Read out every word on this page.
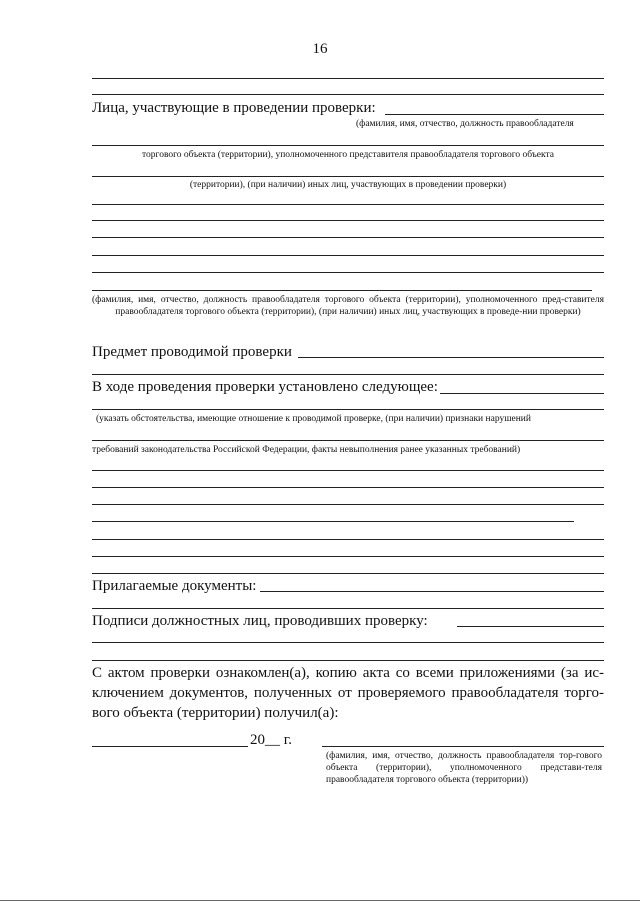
16
Лица, участвующие в проведении проверки:
(фамилия, имя, отчество, должность правообладателя
торгового объекта (территории), уполномоченного представителя правообладателя торгового объекта
(территории), (при наличии) иных лиц, участвующих в проведении проверки)
(фамилия, имя, отчество, должность правообладателя торгового объекта (территории), уполномоченного пред-ставителя правообладателя торгового объекта (территории), (при наличии) иных лиц, участвующих в проведе-нии проверки)
Предмет проводимой проверки
В ходе проведения проверки установлено следующее:
(указать обстоятельства, имеющие отношение к проводимой проверке, (при наличии) признаки нарушений
требований законодательства Российской Федерации, факты невыполнения ранее указанных требований)
Прилагаемые документы:
Подписи должностных лиц, проводивших проверку:
С актом проверки ознакомлен(а), копию акта со всеми приложениями (за ис-ключением документов, полученных от проверяемого правообладателя торго-вого объекта (территории) получил(а):
20__ г.
(фамилия, имя, отчество, должность правообладателя тор-гового объекта (территории), уполномоченного представи-теля правообладателя торгового объекта (территории))
